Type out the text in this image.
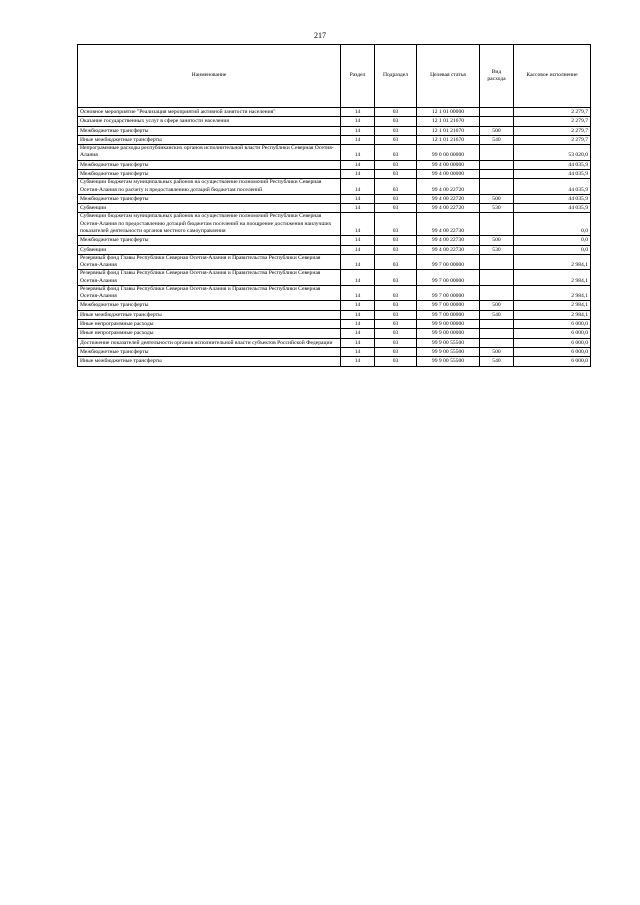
217
Наименование	Раздел	Подраздел	Целевая статья	Вид расхода	Кассовое исполнение
Основное мероприятие "Реализация мероприятий активной занятости населения"	14	03	12 1 01 00000		2 279,7
Оказание государственных услуг в сфере занятости населения	14	03	12 1 01 21670		2 279,7
Межбюджетные трансферты	14	03	12 1 01 21670	500	2 279,7
Иные межбюджетные трансферты	14	03	12 1 01 21670	540	2 279,7
Непрограммные расходы республиканских органов исполнительной власти Республики Северная Осетия-Алания	14	03	99 0 00 00000		53 020,0
Межбюджетные трансферты	14	03	99 4 00 00000		44 035,9
Межбюджетные трансферты	14	03	99 4 00 00000		44 035,9
Субвенции бюджетам муниципальных районов на осуществление полномочий Республики Северная Осетия-Алания по расчету и предоставлению дотаций бюджетам поселений	14	03	99 4 00 22720		44 035,9
Межбюджетные трансферты	14	03	99 4 00 22720	500	44 035,9
Субвенции	14	03	99 4 00 22720	530	44 035,9
Субвенции бюджетам муниципальных районов на осуществление полномочий Республики Северная Осетия-Алания по предоставлению дотаций бюджетам поселений на поощрение достижения наилучших показателей деятельности органов местного самоуправления	14	03	99 4 00 22730		0,0
Межбюджетные трансферты	14	03	99 4 00 22730	500	0,0
Субвенции	14	03	99 4 00 22730	530	0,0
Резервный фонд Главы Республики Северная Осетия-Алания и Правительства Республики Северная Осетия-Алания	14	03	99 7 00 00000		2 984,1
Резервный фонд Главы Республики Северная Осетия-Алания и Правительства Республики Северная Осетия-Алания	14	03	99 7 00 00000		2 984,1
Резервный фонд Главы Республики Северная Осетия-Алания и Правительства Республики Северная Осетия-Алания	14	03	99 7 00 00000		2 984,1
Межбюджетные трансферты	14	03	99 7 00 00000	500	2 984,1
Иные межбюджетные трансферты	14	03	99 7 00 00000	540	2 984,1
Иные непрограммные расходы	14	03	99 9 00 00000		6 000,0
Иные непрограммные расходы	14	03	99 9 00 00000		6 000,0
Достижение показателей деятельности органов исполнительной власти субъектов Российской Федерации	14	03	99 9 00 55500		6 000,0
Межбюджетные трансферты	14	03	99 9 00 55500	500	6 000,0
Иные межбюджетные трансферты	14	03	99 9 00 55500	540	6 000,0
